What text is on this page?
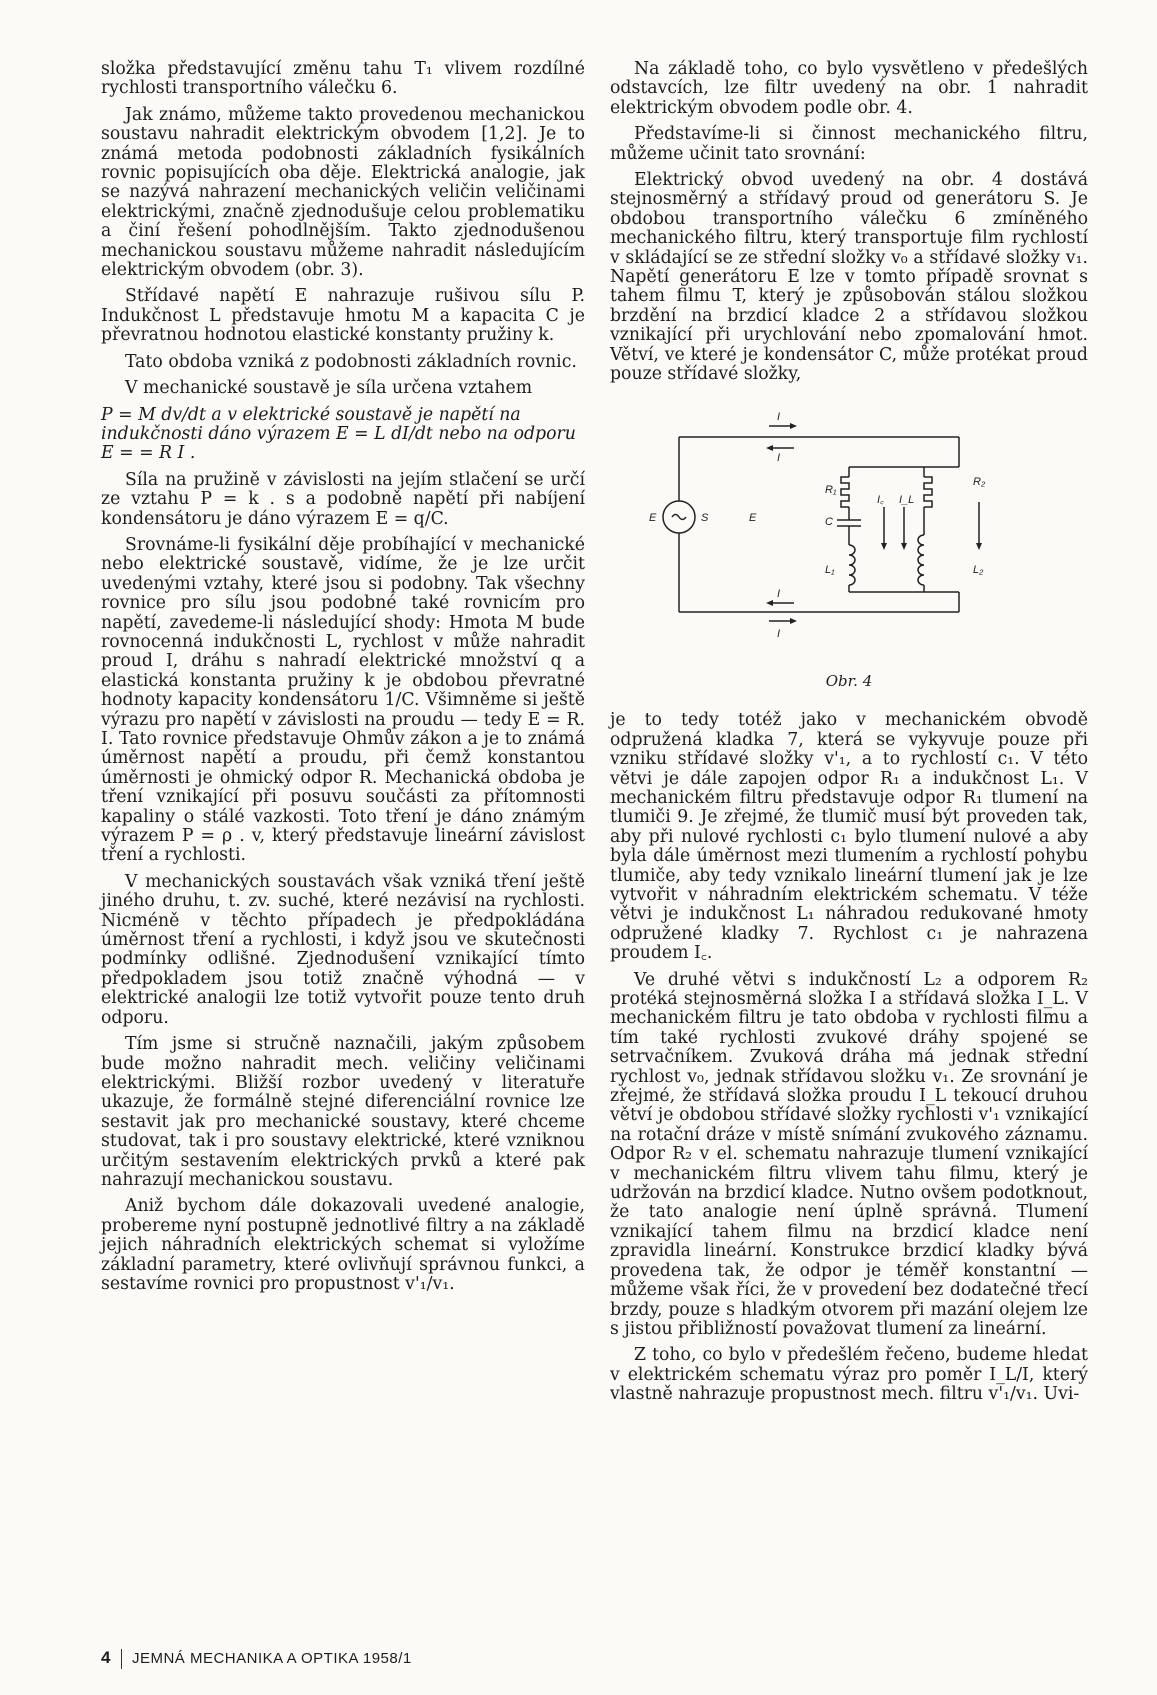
složka představující změnu tahu T₁ vlivem rozdílné rychlosti transportního válečku 6.

Jak známo, můžeme takto provedenou mechanickou soustavu nahradit elektrickým obvodem [1,2]. Je to známá metoda podobnosti základních fysikálních rovnic popisujících oba děje. Elektrická analogie, jak se nazývá nahrazení mechanických veličin veličinami elektrickými, značně zjednodušuje celou problematiku a činí řešení pohodlnějším. Takto zjednodušenou mechanickou soustavu můžeme nahradit následujícím elektrickým obvodem (obr. 3).

Střídavé napětí E nahrazuje rušivou sílu P. Indukčnost L představuje hmotu M a kapacita C je převratnou hodnotou elastické konstanty pružiny k.

Tato obdoba vzniká z podobnosti základních rovnic.

V mechanické soustavě je síla určena vztahem

P = M dv/dt a v elektrické soustavě je napětí na indukčnosti dáno výrazem E = L dI/dt nebo na odporu E = = R I .

Síla na pružině v závislosti na jejím stlačení se určí ze vztahu P = k . s a podobně napětí při nabíjení kondensátoru je dáno výrazem E = q/C.

Srovnáme-li fysikální děje probíhající v mechanické nebo elektrické soustavě, vidíme, že je lze určit uvedenými vztahy, které jsou si podobny. Tak všechny rovnice pro sílu jsou podobné také rovnicím pro napětí, zavedeme-li následující shody: Hmota M bude rovnocenná indukčnosti L, rychlost v může nahradit proud I, dráhu s nahradí elektrické množství q a elastická konstanta pružiny k je obdobou převratné hodnoty kapacity kondensátoru 1/C. Všimněme si ještě výrazu pro napětí v závislosti na proudu — tedy E = R. I. Tato rovnice představuje Ohmův zákon a je to známá úměrnost napětí a proudu, při čemž konstantou úměrnosti je ohmický odpor R. Mechanická obdoba je tření vznikající při posuvu součásti za přítomnosti kapaliny o stálé vazkosti. Toto tření je dáno známým výrazem P = ρ . v, který představuje lineární závislost tření a rychlosti.

V mechanických soustavách však vzniká tření ještě jiného druhu, t. zv. suché, které nezávisí na rychlosti. Nicméně v těchto případech je předpokládána úměrnost tření a rychlosti, i když jsou ve skutečnosti podmínky odlišné. Zjednodušení vznikající tímto předpokladem jsou totiž značně výhodná — v elektrické analogii lze totiž vytvořit pouze tento druh odporu.

Tím jsme si stručně naznačili, jakým způsobem bude možno nahradit mech. veličiny veličinami elektrickými. Bližší rozbor uvedený v literatuře ukazuje, že formálně stejné diferenciální rovnice lze sestavit jak pro mechanické soustavy, které chceme studovat, tak i pro soustavy elektrické, které vzniknou určitým sestavením elektrických prvků a které pak nahrazují mechanickou soustavu.

Aniž bychom dále dokazovali uvedené analogie, probereme nyní postupně jednotlivé filtry a na základě jejich náhradních elektrických schemat si vyložíme základní parametry, které ovlivňují správnou funkci, a sestavíme rovnici pro propustnost v'₁/v₁.

Na základě toho, co bylo vysvětleno v předešlých odstavcích, lze filtr uvedený na obr. 1 nahradit elektrickým obvodem podle obr. 4.

Představíme-li si činnost mechanického filtru, můžeme učinit tato srovnání:

Elektrický obvod uvedený na obr. 4 dostává stejnosměrný a střídavý proud od generátoru S. Je obdobou transportního válečku 6 zmíněného mechanického filtru, který transportuje film rychlostí v skládající se ze střední složky v₀ a střídavé složky v₁. Napětí generátoru E lze v tomto případě srovnat s tahem filmu T, který je způsobován stálou složkou brzdění na brzdicí kladce 2 a střídavou složkou vznikající při urychlování nebo zpomalování hmot. Větví, ve které je kondensátor C, může protékat proud pouze střídavé složky,

I
I
E	S	E
R₁
C
L₁
I꜀ I_L
R₂
L₂
I
I
Obr. 4

je to tedy totéž jako v mechanickém obvodě odpružená kladka 7, která se vykyvuje pouze při vzniku střídavé složky v'₁, a to rychlostí c₁. V této větvi je dále zapojen odpor R₁ a indukčnost L₁. V mechanickém filtru představuje odpor R₁ tlumení na tlumiči 9. Je zřejmé, že tlumič musí být proveden tak, aby při nulové rychlosti c₁ bylo tlumení nulové a aby byla dále úměrnost mezi tlumením a rychlostí pohybu tlumiče, aby tedy vznikalo lineární tlumení jak je lze vytvořit v náhradním elektrickém schematu. V téže větvi je indukčnost L₁ náhradou redukované hmoty odpružené kladky 7. Rychlost c₁ je nahrazena proudem I꜀.

Ve druhé větvi s indukčností L₂ a odporem R₂ protéká stejnosměrná složka I a střídavá složka I_L. V mechanickém filtru je tato obdoba v rychlosti filmu a tím také rychlosti zvukové dráhy spojené se setrvačníkem. Zvuková dráha má jednak střední rychlost v₀, jednak střídavou složku v₁. Ze srovnání je zřejmé, že střídavá složka proudu I_L tekoucí druhou větví je obdobou střídavé složky rychlosti v'₁ vznikající na rotační dráze v místě snímání zvukového záznamu. Odpor R₂ v el. schematu nahrazuje tlumení vznikající v mechanickém filtru vlivem tahu filmu, který je udržován na brzdicí kladce. Nutno ovšem podotknout, že tato analogie není úplně správná. Tlumení vznikající tahem filmu na brzdicí kladce není zpravidla lineární. Konstrukce brzdicí kladky bývá provedena tak, že odpor je téměř konstantní — můžeme však říci, že v provedení bez dodatečné třecí brzdy, pouze s hladkým otvorem při mazání olejem lze s jistou přibližností považovat tlumení za lineární.

Z toho, co bylo v předešlém řečeno, budeme hledat v elektrickém schematu výraz pro poměr I_L/I, který vlastně nahrazuje propustnost mech. filtru v'₁/v₁. Uvi-

4 JEMNÁ MECHANIKA A OPTIKA 1958/1
